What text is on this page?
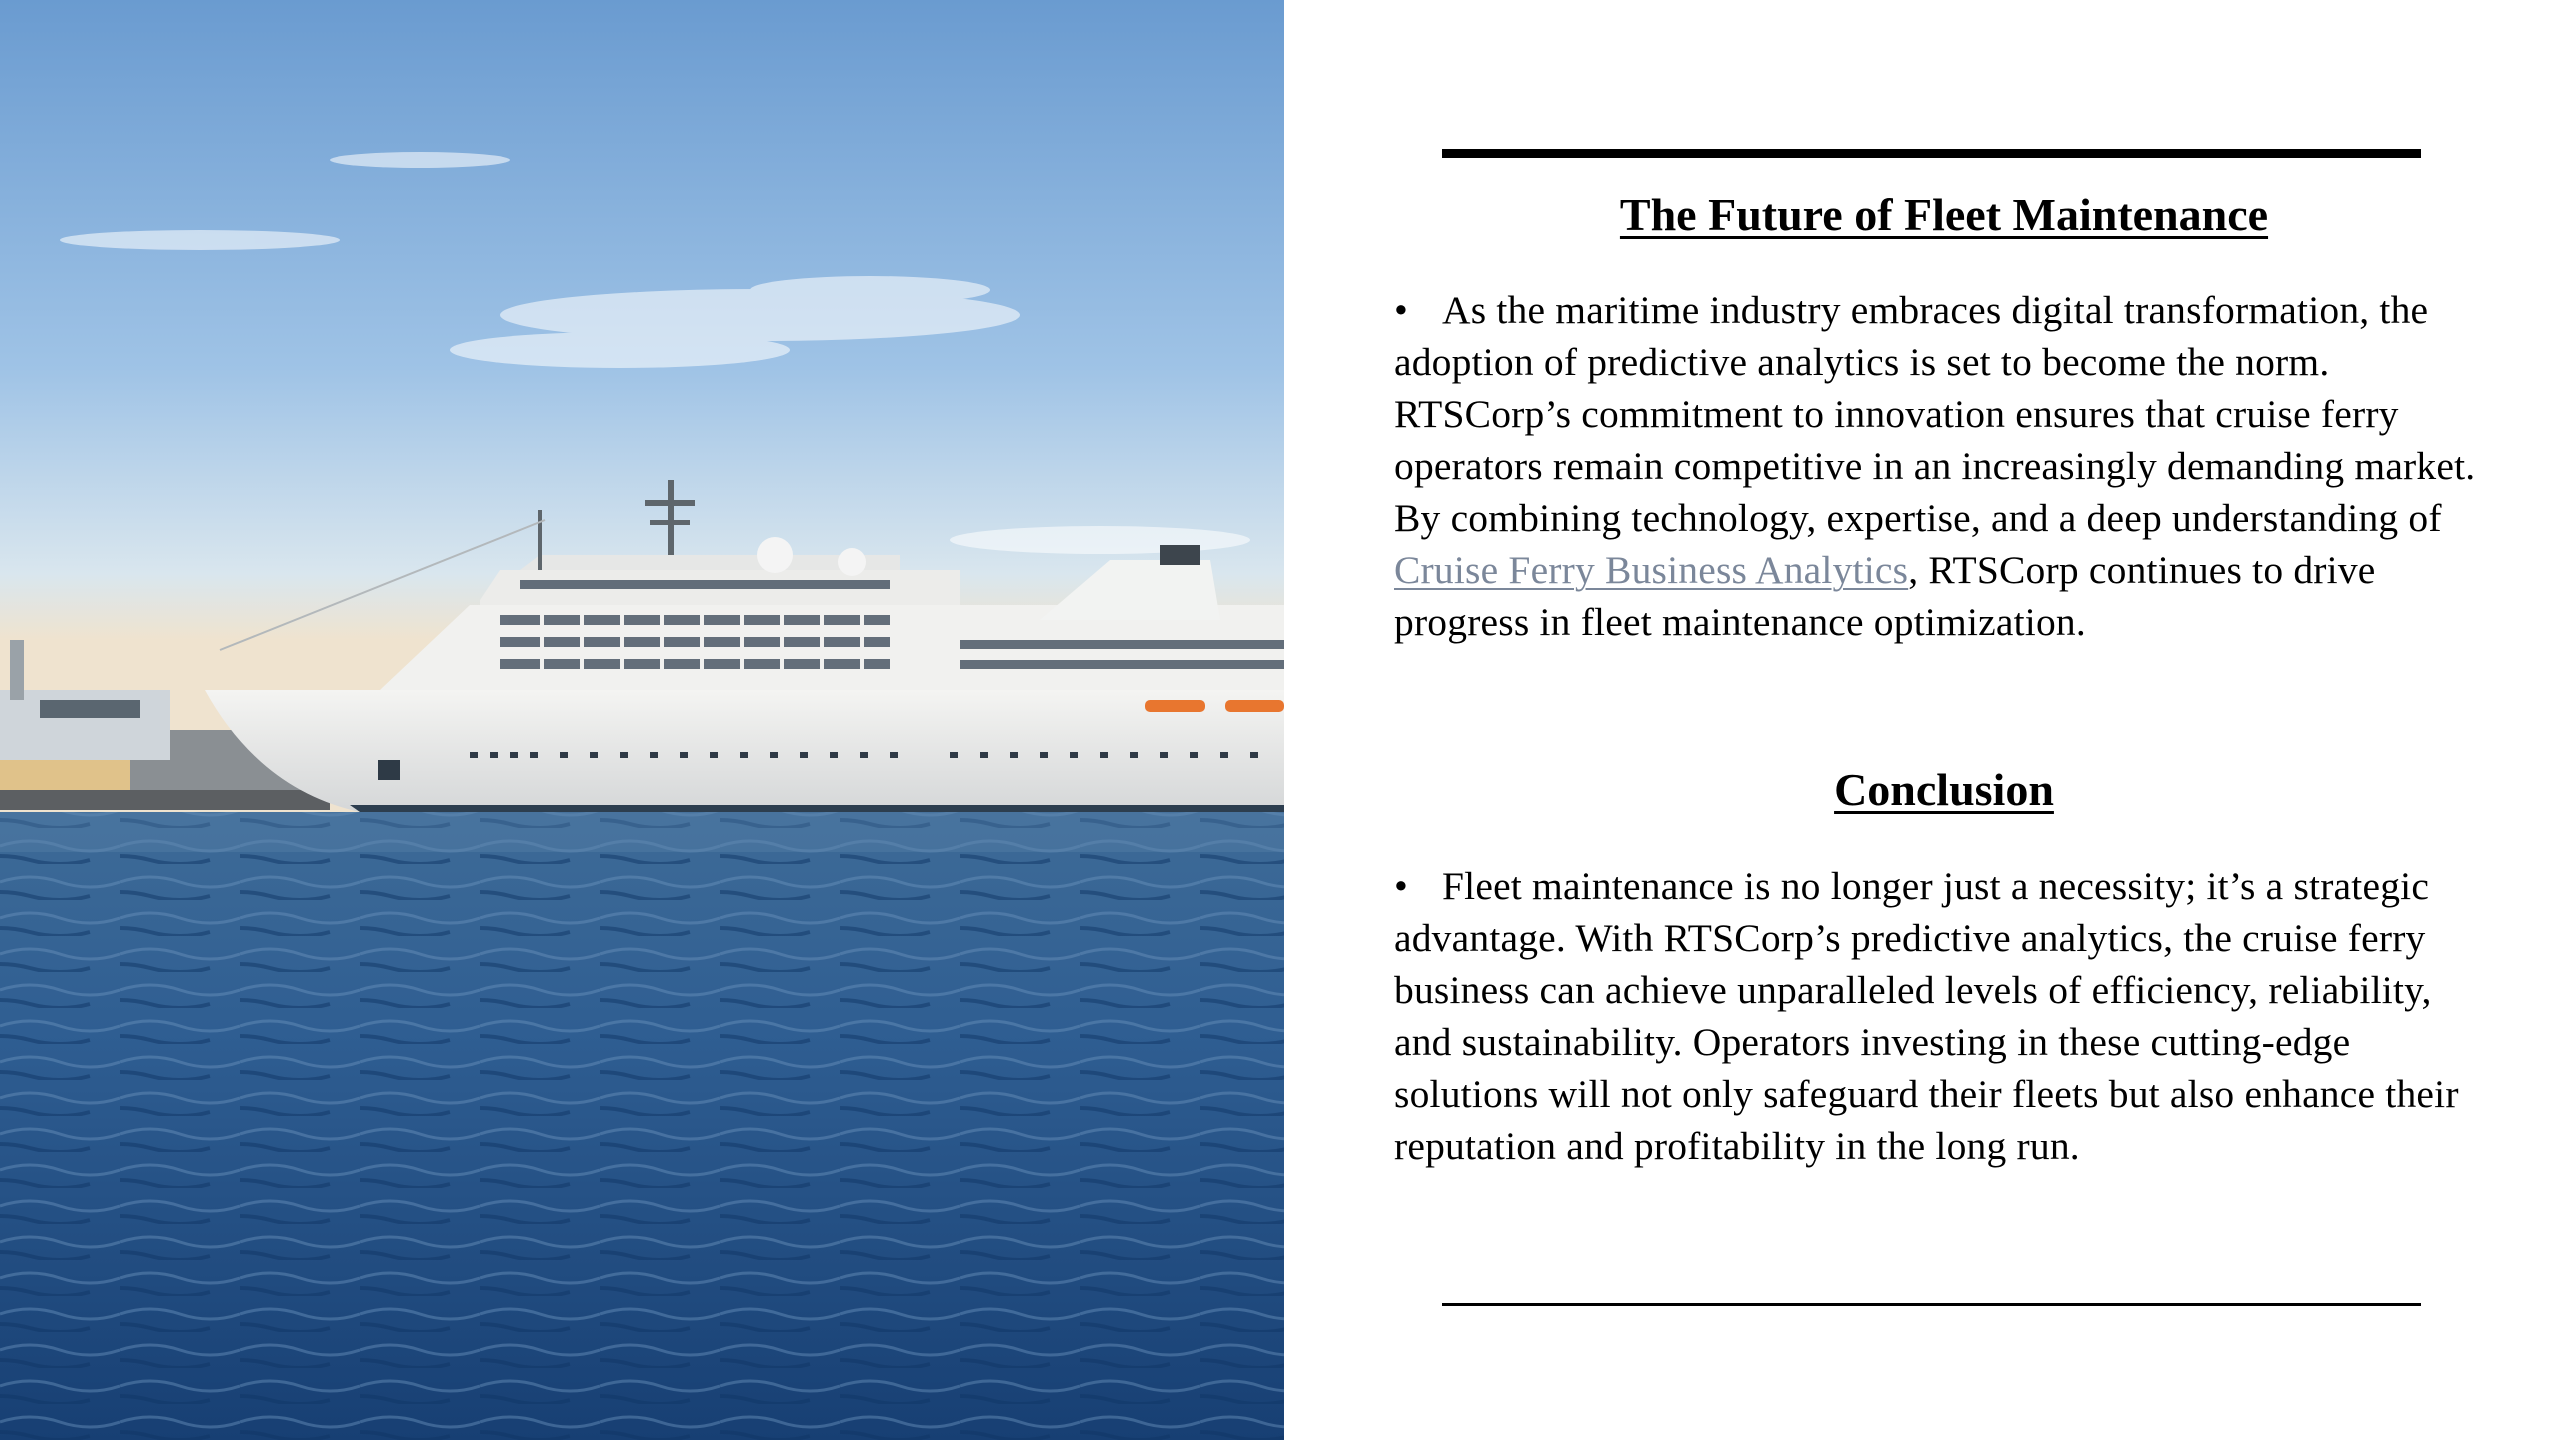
The Future of Fleet Maintenance

• As the maritime industry embraces digital transformation, the adoption of predictive analytics is set to become the norm. RTSCorp’s commitment to innovation ensures that cruise ferry operators remain competitive in an increasingly demanding market. By combining technology, expertise, and a deep understanding of Cruise Ferry Business Analytics, RTSCorp continues to drive progress in fleet maintenance optimization.

Conclusion

• Fleet maintenance is no longer just a necessity; it’s a strategic advantage. With RTSCorp’s predictive analytics, the cruise ferry business can achieve unparalleled levels of efficiency, reliability, and sustainability. Operators investing in these cutting-edge solutions will not only safeguard their fleets but also enhance their reputation and profitability in the long run.
